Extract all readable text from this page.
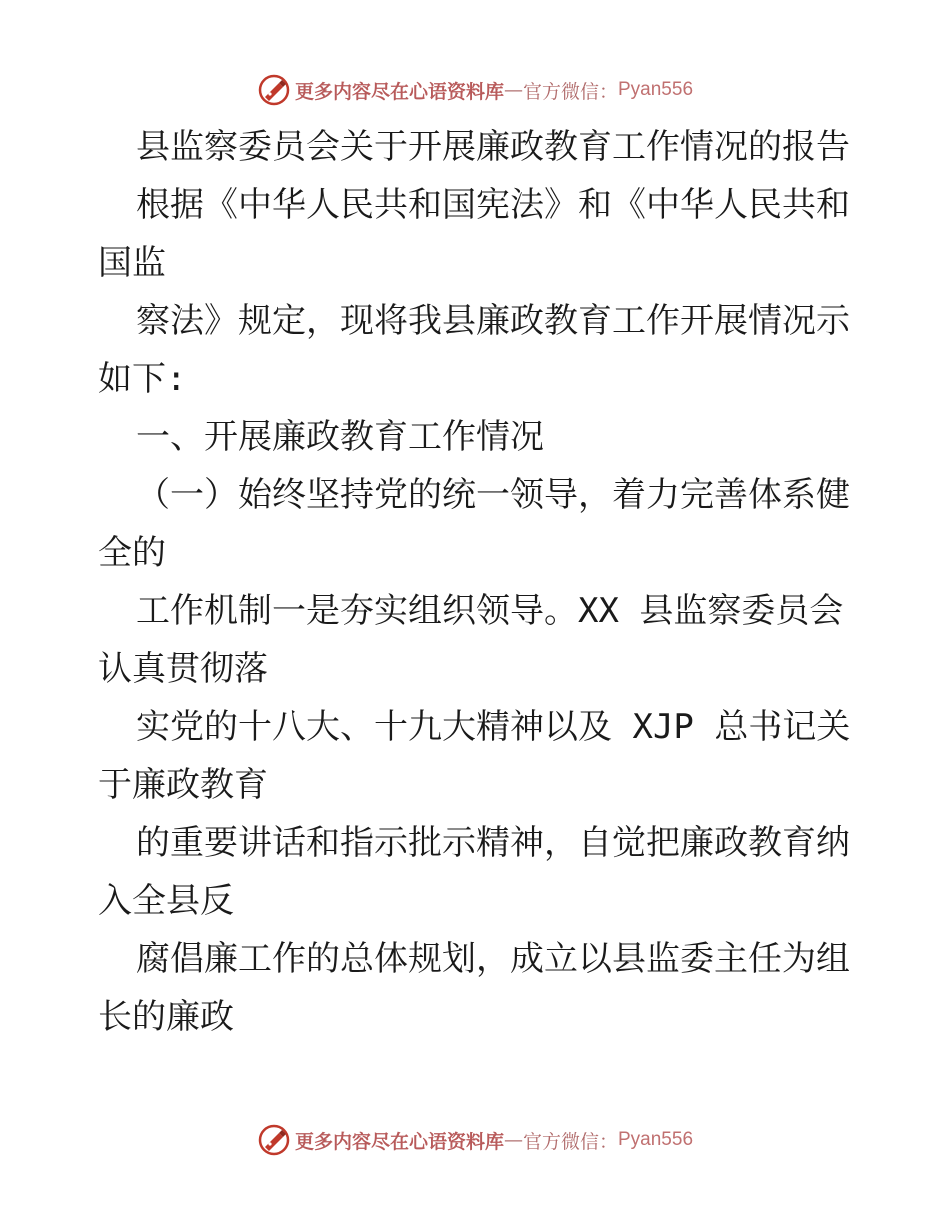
更多内容尽在心语资料库 — 官方微信： Pyan556
县监察委员会关于开展廉政教育工作情况的报告
根据《中华人民共和国宪法》和《中华人民共和
国监
察法》规定，现将我县廉政教育工作开展情况示
如下:
一、开展廉政教育工作情况
（一）始终坚持党的统一领导，着力完善体系健
全的
工作机制一是夯实组织领导。XX 县监察委员会
认真贯彻落
实党的十八大、十九大精神以及 XJP 总书记关
于廉政教育
的重要讲话和指示批示精神，自觉把廉政教育纳
入全县反
腐倡廉工作的总体规划，成立以县监委主任为组
长的廉政
更多内容尽在心语资料库 — 官方微信： Pyan556
